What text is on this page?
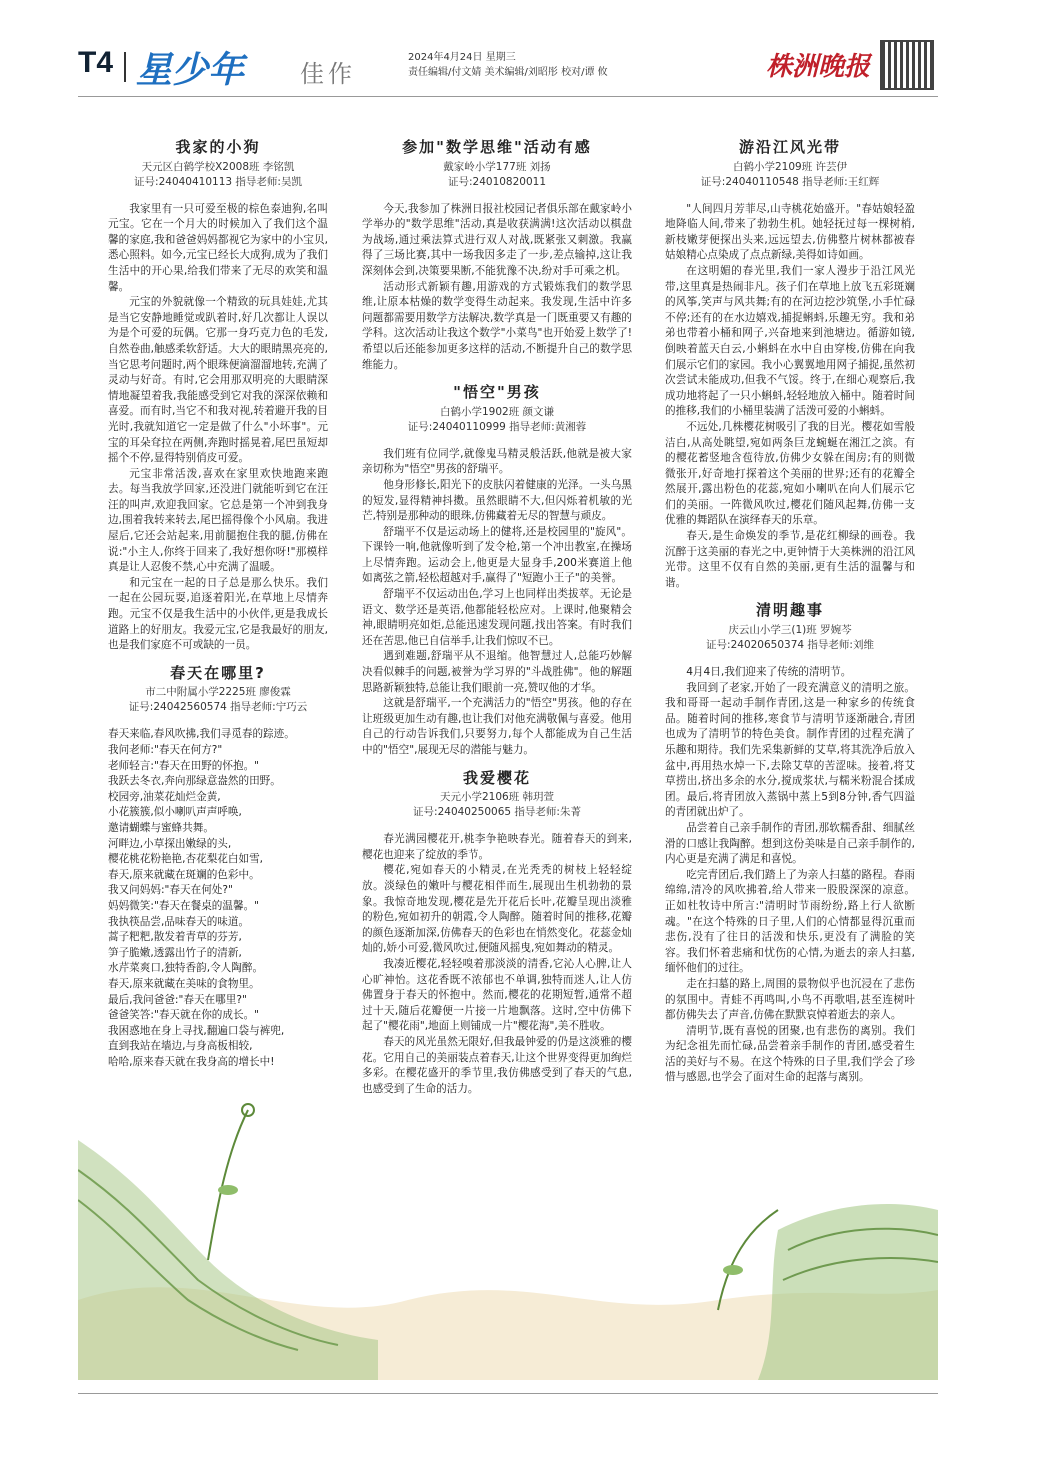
T4 星少年 佳作
2024年4月24日 星期三
责任编辑/付文婧 美术编辑/刘昭彤 校对/谭 攸	株洲晚报
我家的小狗
天元区白鹤学校X2008班 李铭凯
证号:24040410113 指导老师:吴凯

我家里有一只可爱至极的棕色泰迪狗,名叫元宝。它在一个月大的时候加入了我们这个温馨的家庭,我和爸爸妈妈都视它为家中的小宝贝,悉心照料。如今,元宝已经长大成狗,成为了我们生活中的开心果,给我们带来了无尽的欢笑和温馨。

元宝的外貌就像一个精致的玩具娃娃,尤其是当它安静地睡觉或趴着时,好几次都让人误以为是个可爱的玩偶。它那一身巧克力色的毛发,自然卷曲,触感柔软舒适。大大的眼睛黑亮亮的,当它思考问题时,两个眼珠便滴溜溜地转,充满了灵动与好奇。有时,它会用那双明亮的大眼睛深情地凝望着我,我能感受到它对我的深深依赖和喜爱。而有时,当它不和我对视,转着避开我的目光时,我就知道它一定是做了什么"小坏事"。元宝的耳朵耷拉在两侧,奔跑时摇晃着,尾巴虽短却摇个不停,显得特别俏皮可爱。

元宝非常活泼,喜欢在家里欢快地跑来跑去。每当我放学回家,还没进门就能听到它在汪汪的叫声,欢迎我回家。它总是第一个冲到我身边,围着我转来转去,尾巴摇得像个小风扇。我进屋后,它还会站起来,用前腿抱住我的腿,仿佛在说:"小主人,你终于回来了,我好想你呀!"那模样真是让人忍俊不禁,心中充满了温暖。

和元宝在一起的日子总是那么快乐。我们一起在公园玩耍,追逐着阳光,在草地上尽情奔跑。元宝不仅是我生活中的小伙伴,更是我成长道路上的好朋友。我爱元宝,它是我最好的朋友,也是我们家庭不可或缺的一员。

春天在哪里?
市二中附属小学2225班 廖俊霖
证号:24042560574 指导老师:宁巧云

春天来临,春风吹拂,我们寻觅春的踪迹。

我问老师:"春天在何方?"

老师轻言:"春天在田野的怀抱。"

我跃去冬衣,奔向那绿意盎然的田野。

校园旁,油菜花灿烂金黄,

小花簇簇,似小喇叭声声呼唤,

邀请蝴蝶与蜜蜂共舞。

河畔边,小草探出嫩绿的头,

樱花桃花粉艳艳,杏花梨花白如雪,

春天,原来就藏在斑斓的色彩中。

我又问妈妈:"春天在何处?"

妈妈微笑:"春天在餐桌的温馨。"

我执筷品尝,品味春天的味道。

蒿子粑粑,散发着青草的芬芳,

笋子脆嫩,透露出竹子的清新,

水芹菜爽口,独特香韵,令人陶醉。

春天,原来就藏在美味的食物里。

最后,我问爸爸:"春天在哪里?"

爸爸笑答:"春天就在你的成长。"

我困惑地在身上寻找,翻遍口袋与裤兜,

直到我站在墙边,与身高板相较,

哈哈,原来春天就在我身高的增长中!

参加"数学思维"活动有感
戴家岭小学177班 刘扬
证号:24010820011

今天,我参加了株洲日报社校园记者俱乐部在戴家岭小学举办的"数学思维"活动,真是收获满满!这次活动以棋盘为战场,通过乘法算式进行双人对战,既紧张又刺激。我赢得了三场比赛,其中一场我因多走了一步,差点输掉,这让我深刻体会到,决策要果断,不能犹豫不决,纷对手可乘之机。

活动形式新颖有趣,用游戏的方式锻炼我们的数学思维,让原本枯燥的数学变得生动起来。我发现,生活中许多问题都需要用数学方法解决,数学真是一门既重要又有趣的学科。这次活动让我这个数学"小菜鸟"也开始爱上数学了!希望以后还能参加更多这样的活动,不断提升自己的数学思维能力。

"悟空"男孩
白鹤小学1902班 颜文谦
证号:24040110999 指导老师:黄湘蓉

我们班有位同学,就像鬼马精灵般活跃,他就是被大家亲切称为"悟空"男孩的舒瑞平。

他身形修长,阳光下的皮肤闪着健康的光泽。一头乌黑的短发,显得精神抖擞。虽然眼睛不大,但闪烁着机敏的光芒,特别是那种动的眼珠,仿佛藏着无尽的智慧与顽皮。

舒瑞平不仅是运动场上的健将,还是校园里的"旋风"。下课铃一响,他就像听到了发令枪,第一个冲出教室,在操场上尽情奔跑。运动会上,他更是大显身手,200米赛道上他如离弦之箭,轻松超越对手,赢得了"短跑小王子"的美誉。

舒瑞平不仅运动出色,学习上也同样出类拔萃。无论是语文、数学还是英语,他都能轻松应对。上课时,他聚精会神,眼睛明亮如炬,总能迅速发现问题,找出答案。有时我们还在苦思,他已自信举手,让我们惊叹不已。

遇到难题,舒瑞平从不退缩。他智慧过人,总能巧妙解决看似棘手的问题,被誉为学习界的"斗战胜佛"。他的解题思路新颖独特,总能让我们眼前一亮,赞叹他的才华。

这就是舒瑞平,一个充满活力的"悟空"男孩。他的存在让班级更加生动有趣,也让我们对他充满敬佩与喜爱。他用自己的行动告诉我们,只要努力,每个人都能成为自己生活中的"悟空",展现无尽的潜能与魅力。

我爱樱花
天元小学2106班 韩玥萱
证号:24040250065 指导老师:朱菁

春光满园樱花开,桃李争艳映春光。随着春天的到来,樱花也迎来了绽放的季节。

樱花,宛如春天的小精灵,在光秃秃的树枝上轻轻绽放。淡绿色的嫩叶与樱花相伴而生,展现出生机勃勃的景象。我惊奇地发现,樱花是先开花后长叶,花瓣呈现出淡雅的粉色,宛如初升的朝霞,令人陶醉。随着时间的推移,花瓣的颜色逐渐加深,仿佛春天的色彩也在悄然变化。花蕊金灿灿的,娇小可爱,微风吹过,便随风摇曳,宛如舞动的精灵。

我凑近樱花,轻轻嗅着那淡淡的清香,它沁人心脾,让人心旷神怡。这花香既不浓郁也不单调,独特而迷人,让人仿佛置身于春天的怀抱中。然而,樱花的花期短暂,通常不超过十天,随后花瓣便一片接一片地飘落。这时,空中仿佛下起了"樱花雨",地面上则铺成一片"樱花海",美不胜收。

春天的风光虽然无限好,但我最钟爱的仍是这淡雅的樱花。它用自己的美丽装点着春天,让这个世界变得更加绚烂多彩。在樱花盛开的季节里,我仿佛感受到了春天的气息,也感受到了生命的活力。

游沿江风光带
白鹤小学2109班 许芸伊
证号:24040110548 指导老师:王红辉

"人间四月芳菲尽,山寺桃花始盛开。"春姑娘轻盈地降临人间,带来了勃勃生机。她轻抚过每一棵树梢,新枝嫩芽便探出头来,远远望去,仿佛整片树林都被春姑娘精心点染成了点点新绿,美得如诗如画。

在这明媚的春光里,我们一家人漫步于沿江风光带,这里真是热闹非凡。孩子们在草地上放飞五彩斑斓的风筝,笑声与风共舞;有的在河边挖沙筑堡,小手忙碌不停;还有的在水边嬉戏,捕捉蝌蚪,乐趣无穷。我和弟弟也带着小桶和网子,兴奋地来到池塘边。循游如镜,倒映着蓝天白云,小蝌蚪在水中自由穿梭,仿佛在向我们展示它们的家园。我小心翼翼地用网子捕捉,虽然初次尝试未能成功,但我不气馁。终于,在细心观察后,我成功地将起了一只小蝌蚪,轻轻地放入桶中。随着时间的推移,我们的小桶里装满了活泼可爱的小蝌蚪。

不远处,几株樱花树吸引了我的目光。樱花如雪般洁白,从高处眺望,宛如两条巨龙蜿蜒在湘江之滨。有的樱花蓄竖地含苞待放,仿佛少女躲在闺房;有的则微微张开,好奇地打探着这个美丽的世界;还有的花瓣全然展开,露出粉色的花蕊,宛如小喇叭在向人们展示它们的美丽。一阵微风吹过,樱花们随风起舞,仿佛一支优雅的舞蹈队在演绎春天的乐章。

春天,是生命焕发的季节,是花红柳绿的画卷。我沉醉于这美丽的春光之中,更钟情于大美株洲的沿江风光带。这里不仅有自然的美丽,更有生活的温馨与和谐。

清明趣事
庆云山小学三(1)班 罗婉芩
证号:24020650374 指导老师:刘维

4月4日,我们迎来了传统的清明节。

我回到了老家,开始了一段充满意义的清明之旅。我和哥哥一起动手制作青团,这是一种家乡的传统食品。随着时间的推移,寒食节与清明节逐渐融合,青团也成为了清明节的特色美食。制作青团的过程充满了乐趣和期待。我们先采集新鲜的艾草,将其洗净后放入盆中,再用热水焯一下,去除艾草的苦涩味。接着,将艾草捞出,挤出多余的水分,搅成浆状,与糯米粉混合揉成团。最后,将青团放入蒸锅中蒸上5到8分钟,香气四溢的青团就出炉了。

品尝着自己亲手制作的青团,那软糯香甜、细腻丝滑的口感让我陶醉。想到这份美味是自己亲手制作的,内心更是充满了满足和喜悦。

吃完青团后,我们踏上了为亲人扫墓的路程。春雨绵绵,清冷的风吹拂着,给人带来一股股深深的凉意。正如杜牧诗中所言:"清明时节雨纷纷,路上行人欲断魂。"在这个特殊的日子里,人们的心情都显得沉重而悲伤,没有了往日的活泼和快乐,更没有了满脸的笑容。我们怀着悲痛和忧伤的心情,为逝去的亲人扫墓,缅怀他们的过往。

走在扫墓的路上,周围的景物似乎也沉浸在了悲伤的氛围中。青蛙不再鸣叫,小鸟不再歌唱,甚至连树叶都仿佛失去了声音,仿佛在默默哀悼着逝去的亲人。

清明节,既有喜悦的团聚,也有悲伤的离别。我们为纪念祖先而忙碌,品尝着亲手制作的青团,感受着生活的美好与不易。在这个特殊的日子里,我们学会了珍惜与感恩,也学会了面对生命的起落与离别。
